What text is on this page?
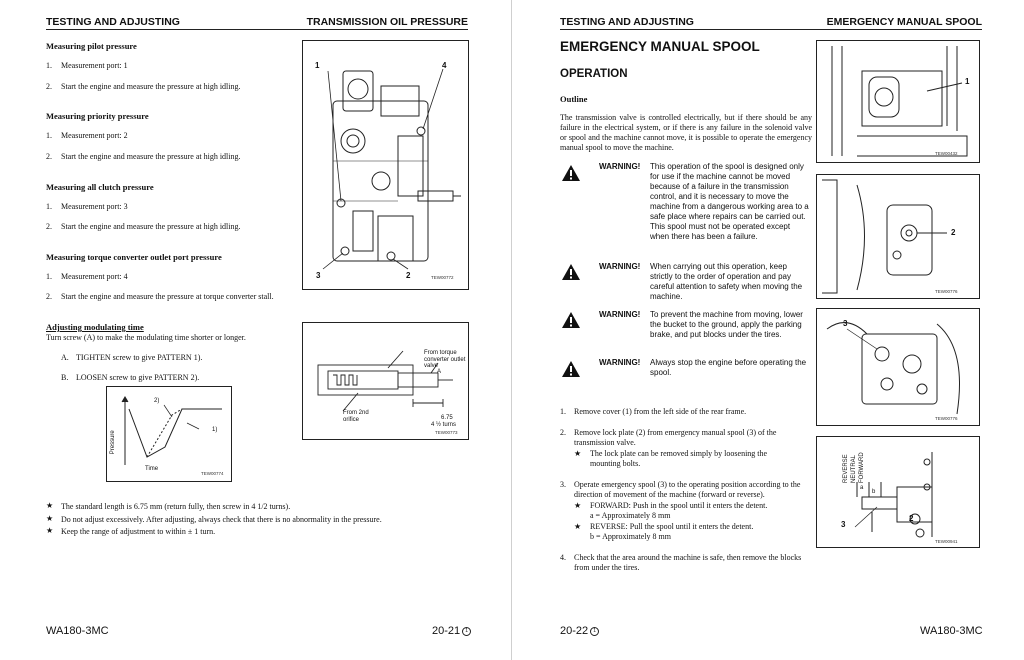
TESTING AND ADJUSTING	TRANSMISSION OIL PRESSURE
Measuring pilot pressure
1. Measurement port: 1
2. Start the engine and measure the pressure at high idling.
Measuring priority pressure
1. Measurement port: 2
2. Start the engine and measure the pressure at high idling.
Measuring all clutch pressure
1. Measurement port: 3
2. Start the engine and measure the pressure at high idling.
Measuring torque converter outlet port pressure
1. Measurement port: 4
2. Start the engine and measure the pressure at torque converter stall.
Adjusting modulating time
Turn screw (A) to make the modulating time shorter or longer.
A. TIGHTEN screw to give PATTERN 1).
B. LOOSEN screw to give PATTERN 2).
1	4
3	2	TEW00772
From torque converter outlet valve
From 2nd orifice
A
6.75
4 ½ turns
TEW00773
2)
1)
Pressure
Time
TEW00774
★ The standard length is 6.75 mm (return fully, then screw in 4 1/2 turns).
★ Do not adjust excessively. After adjusting, always check that there is no abnormality in the pressure.
★ Keep the range of adjustment to within ± 1 turn.
WA180-3MC	20-21 1
TESTING AND ADJUSTING	EMERGENCY MANUAL SPOOL
EMERGENCY MANUAL SPOOL
OPERATION
Outline
The transmission valve is controlled electrically, but if there should be any failure in the electrical system, or if there is any failure in the solenoid valve or spool and the machine cannot move, it is possible to operate the emergency manual spool to move the machine.
WARNING! This operation of the spool is designed only for use if the machine cannot be moved because of a failure in the transmission control, and it is necessary to move the machine from a dangerous working area to a safe place where repairs can be carried out. This spool must not be operated except when there has been a failure.
WARNING! When carrying out this operation, keep strictly to the order of operation and pay careful attention to safety when moving the machine.
WARNING! To prevent the machine from moving, lower the bucket to the ground, apply the parking brake, and put blocks under the tires.
WARNING! Always stop the engine before operating the spool.
1. Remove cover (1) from the left side of the rear frame.
2. Remove lock plate (2) from emergency manual spool (3) of the transmission valve.
★ The lock plate can be removed simply by loosening the mounting bolts.
3. Operate emergency spool (3) to the operating position according to the direction of movement of the machine (forward or reverse).
★ FORWARD: Push in the spool until it enters the detent.
a = Approximately 8 mm
★ REVERSE: Pull the spool until it enters the detent.
b = Approximately 8 mm
4. Check that the area around the machine is safe, then remove the blocks from under the tires.
1
TEW00432
2
TEW00776
3
TEW00776
REVERSE NEUTRAL FORWARD
a
b
3
2
TEW00941
20-22 1	WA180-3MC
